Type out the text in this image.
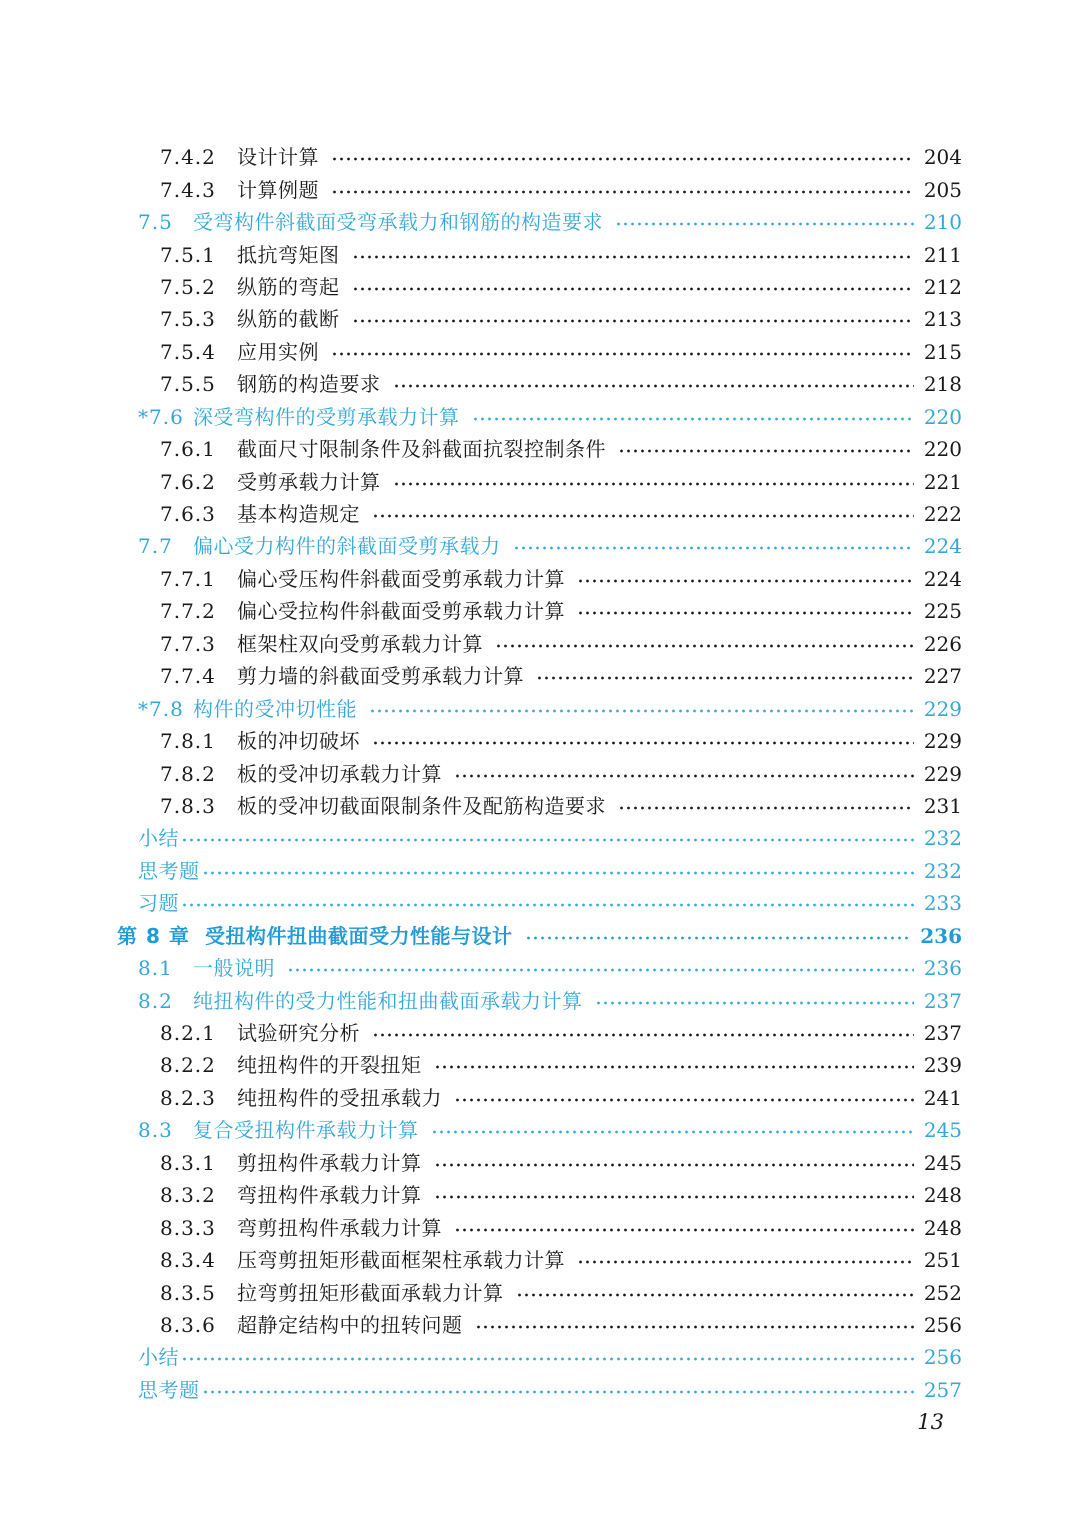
7.4.2	设计计算	204
7.4.3	计算例题	205
7.5	受弯构件斜截面受弯承载力和钢筋的构造要求	210
7.5.1	抵抗弯矩图	211
7.5.2	纵筋的弯起	212
7.5.3	纵筋的截断	213
7.5.4	应用实例	215
7.5.5	钢筋的构造要求	218
*7.6 深受弯构件的受剪承载力计算	220
7.6.1	截面尺寸限制条件及斜截面抗裂控制条件	220
7.6.2	受剪承载力计算	221
7.6.3	基本构造规定	222
7.7	偏心受力构件的斜截面受剪承载力	224
7.7.1	偏心受压构件斜截面受剪承载力计算	224
7.7.2	偏心受拉构件斜截面受剪承载力计算	225
7.7.3	框架柱双向受剪承载力计算	226
7.7.4	剪力墙的斜截面受剪承载力计算	227
*7.8 构件的受冲切性能	229
7.8.1	板的冲切破坏	229
7.8.2	板的受冲切承载力计算	229
7.8.3	板的受冲切截面限制条件及配筋构造要求	231
小结	232
思考题	232
习题	233
第 8 章 受扭构件扭曲截面受力性能与设计	236
8.1	一般说明	236
8.2	纯扭构件的受力性能和扭曲截面承载力计算	237
8.2.1	试验研究分析	237
8.2.2	纯扭构件的开裂扭矩	239
8.2.3	纯扭构件的受扭承载力	241
8.3	复合受扭构件承载力计算	245
8.3.1	剪扭构件承载力计算	245
8.3.2	弯扭构件承载力计算	248
8.3.3	弯剪扭构件承载力计算	248
8.3.4	压弯剪扭矩形截面框架柱承载力计算	251
8.3.5	拉弯剪扭矩形截面承载力计算	252
8.3.6	超静定结构中的扭转问题	256
小结	256
思考题	257
13
